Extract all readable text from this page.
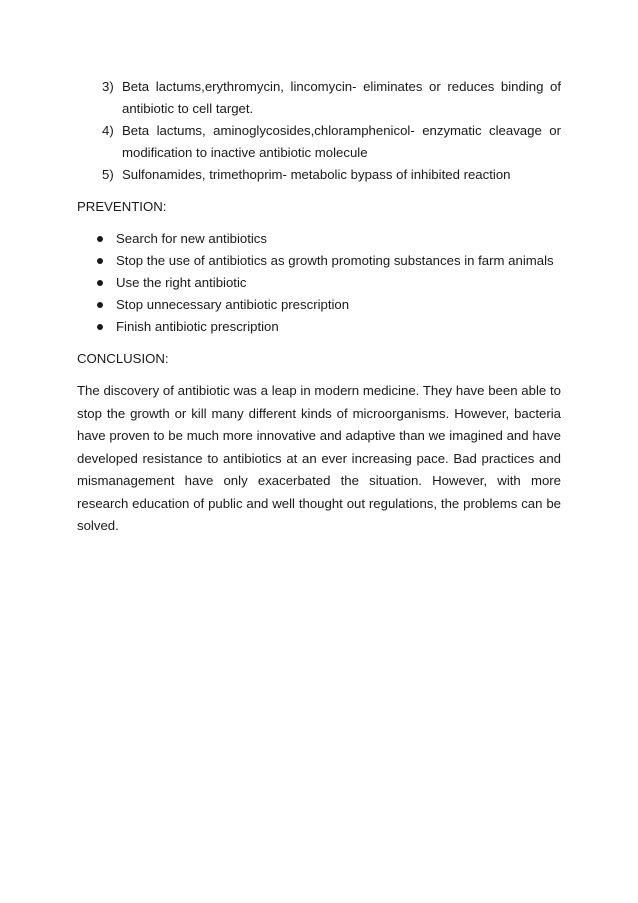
3) Beta lactums,erythromycin, lincomycin- eliminates or reduces binding of antibiotic to cell target.
4) Beta lactums, aminoglycosides,chloramphenicol- enzymatic cleavage or modification to inactive antibiotic molecule
5) Sulfonamides, trimethoprim- metabolic bypass of inhibited reaction
PREVENTION:
Search for new antibiotics
Stop the use of antibiotics as growth promoting substances in farm animals
Use the right antibiotic
Stop unnecessary antibiotic prescription
Finish antibiotic prescription
CONCLUSION:

The discovery of antibiotic was a leap in modern medicine. They have been able to stop the growth or kill many different kinds of microorganisms. However, bacteria have proven to be much more innovative and adaptive than we imagined and have developed resistance to antibiotics at an ever increasing pace. Bad practices and mismanagement have only exacerbated the situation. However, with more research education of public and well thought out regulations, the problems can be solved.
